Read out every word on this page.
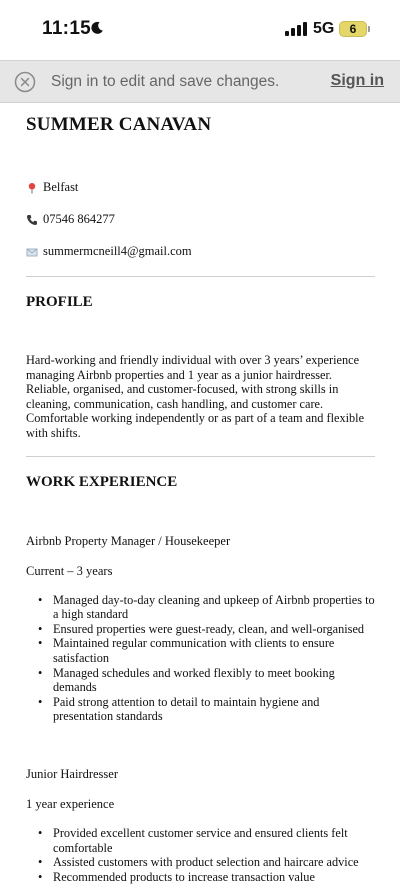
11:15	5G	6
Sign in to edit and save changes.	Sign in
SUMMER CANAVAN
Belfast
07546 864277
summermcneill4@gmail.com
PROFILE

Hard-working and friendly individual with over 3 years’ experience managing Airbnb properties and 1 year as a junior hairdresser. Reliable, organised, and customer-focused, with strong skills in cleaning, communication, cash handling, and customer care. Comfortable working independently or as part of a team and flexible with shifts.

WORK EXPERIENCE
Airbnb Property Manager / Housekeeper
Current – 3 years
• Managed day-to-day cleaning and upkeep of Airbnb properties to a high standard
• Ensured properties were guest-ready, clean, and well-organised
• Maintained regular communication with clients to ensure satisfaction
• Managed schedules and worked flexibly to meet booking demands
• Paid strong attention to detail to maintain hygiene and presentation standards
Junior Hairdresser
1 year experience
• Provided excellent customer service and ensured clients felt comfortable
• Assisted customers with product selection and haircare advice
• Recommended products to increase transaction value
